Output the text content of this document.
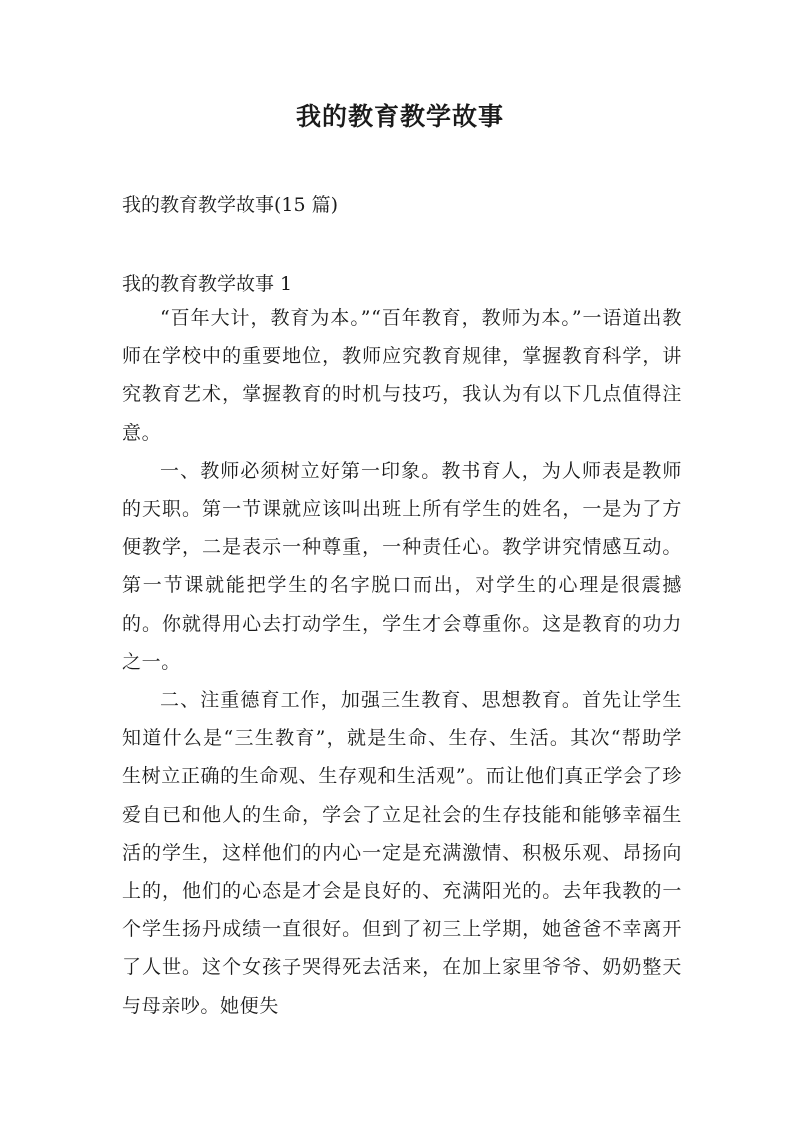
我的教育教学故事

我的教育教学故事(15 篇)

我的教育教学故事 1

“百年大计，教育为本。”“百年教育，教师为本。”一语道出教师在学校中的重要地位，教师应究教育规律，掌握教育科学，讲究教育艺术，掌握教育的时机与技巧，我认为有以下几点值得注意。

一、教师必须树立好第一印象。教书育人，为人师表是教师的天职。第一节课就应该叫出班上所有学生的姓名，一是为了方便教学，二是表示一种尊重，一种责任心。教学讲究情感互动。第一节课就能把学生的名字脱口而出，对学生的心理是很震撼的。你就得用心去打动学生，学生才会尊重你。这是教育的功力之一。

二、注重德育工作，加强三生教育、思想教育。首先让学生知道什么是“三生教育”，就是生命、生存、生活。其次“帮助学生树立正确的生命观、生存观和生活观”。而让他们真正学会了珍爱自已和他人的生命，学会了立足社会的生存技能和能够幸福生活的学生，这样他们的内心一定是充满激情、积极乐观、昂扬向上的，他们的心态是才会是良好的、充满阳光的。去年我教的一个学生扬丹成绩一直很好。但到了初三上学期，她爸爸不幸离开了人世。这个女孩子哭得死去活来，在加上家里爷爷、奶奶整天与母亲吵。她便失
